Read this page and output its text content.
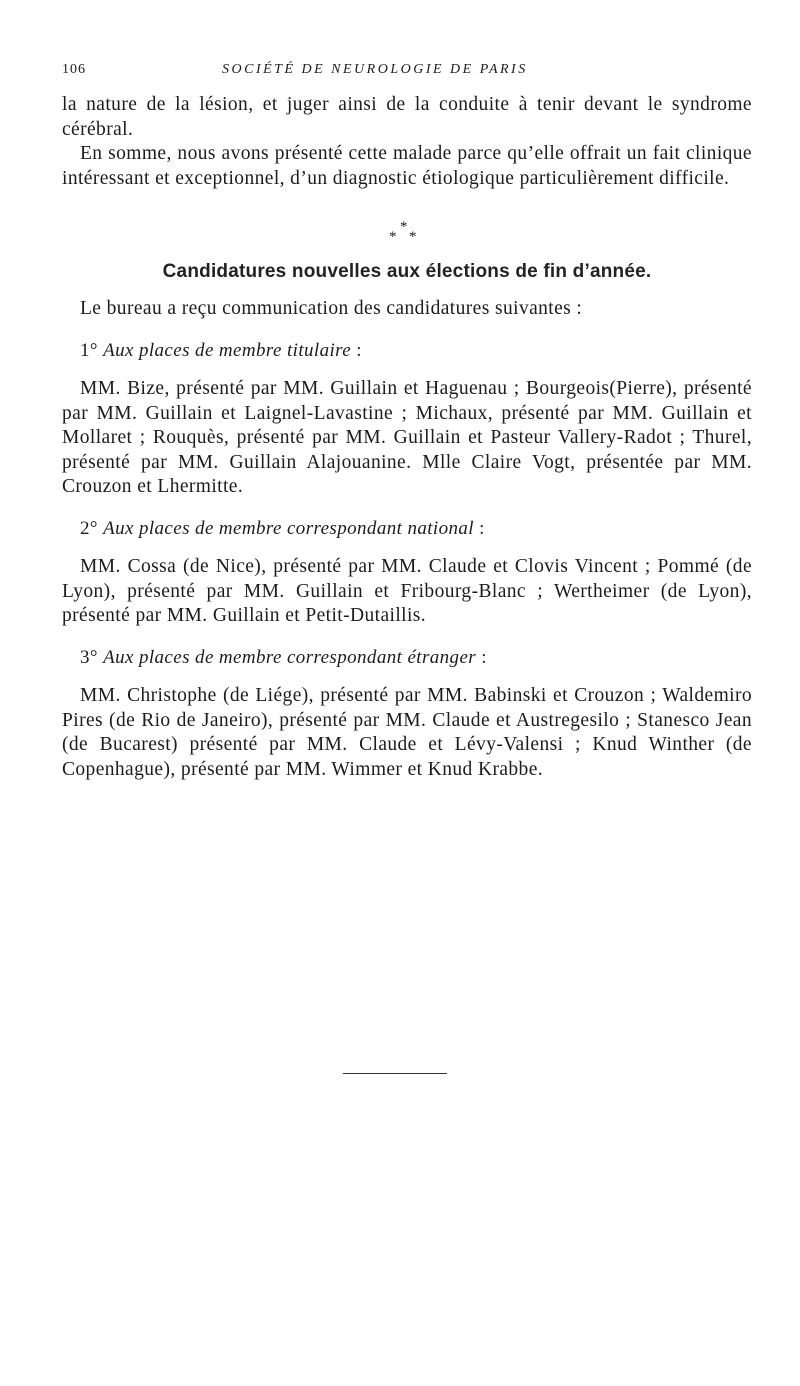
106	SOCIÉTÉ DE NEUROLOGIE DE PARIS

la nature de la lésion, et juger ainsi de la conduite à tenir devant le syndrome cérébral.

En somme, nous avons présenté cette malade parce qu’elle offrait un fait clinique intéressant et exceptionnel, d’un diagnostic étiologique particulièrement difficile.

*
* *
Candidatures nouvelles aux élections de fin d’année.

Le bureau a reçu communication des candidatures suivantes :

1° Aux places de membre titulaire :

MM. Bize, présenté par MM. Guillain et Haguenau ; Bourgeois(Pierre), présenté par MM. Guillain et Laignel-Lavastine ; Michaux, présenté par MM. Guillain et Mollaret ; Rouquès, présenté par MM. Guillain et Pasteur Vallery-Radot ; Thurel, présenté par MM. Guillain Alajouanine. Mlle Claire Vogt, présentée par MM. Crouzon et Lhermitte.

2° Aux places de membre correspondant national :

MM. Cossa (de Nice), présenté par MM. Claude et Clovis Vincent ; Pommé (de Lyon), présenté par MM. Guillain et Fribourg-Blanc ; Wertheimer (de Lyon), présenté par MM. Guillain et Petit-Dutaillis.

3° Aux places de membre correspondant étranger :

MM. Christophe (de Liége), présenté par MM. Babinski et Crouzon ; Waldemiro Pires (de Rio de Janeiro), présenté par MM. Claude et Austregesilo ; Stanesco Jean (de Bucarest) présenté par MM. Claude et Lévy-Valensi ; Knud Winther (de Copenhague), présenté par MM. Wimmer et Knud Krabbe.
